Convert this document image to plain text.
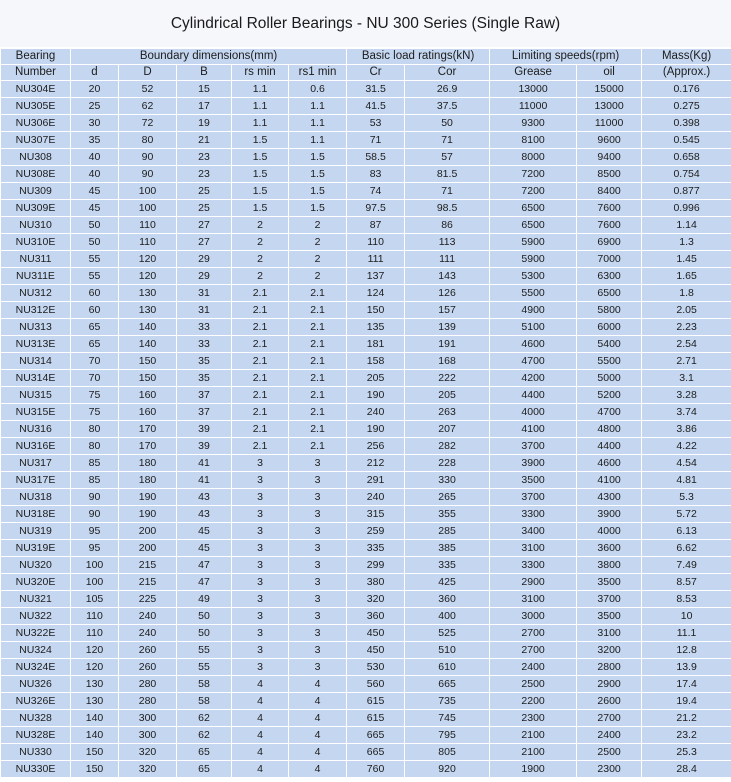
Cylindrical Roller Bearings - NU 300 Series (Single Raw)
Bearing	Boundary dimensions(mm)					Basic load ratings(kN)		Limiting speeds(rpm)		Mass(Kg)
Number	d	D	B	rs min	rs1 min	Cr	Cor	Grease	oil	(Approx.)
NU304E	20	52	15	1.1	0.6	31.5	26.9	13000	15000	0.176
NU305E	25	62	17	1.1	1.1	41.5	37.5	11000	13000	0.275
NU306E	30	72	19	1.1	1.1	53	50	9300	11000	0.398
NU307E	35	80	21	1.5	1.1	71	71	8100	9600	0.545
NU308	40	90	23	1.5	1.5	58.5	57	8000	9400	0.658
NU308E	40	90	23	1.5	1.5	83	81.5	7200	8500	0.754
NU309	45	100	25	1.5	1.5	74	71	7200	8400	0.877
NU309E	45	100	25	1.5	1.5	97.5	98.5	6500	7600	0.996
NU310	50	110	27	2	2	87	86	6500	7600	1.14
NU310E	50	110	27	2	2	110	113	5900	6900	1.3
NU311	55	120	29	2	2	111	111	5900	7000	1.45
NU311E	55	120	29	2	2	137	143	5300	6300	1.65
NU312	60	130	31	2.1	2.1	124	126	5500	6500	1.8
NU312E	60	130	31	2.1	2.1	150	157	4900	5800	2.05
NU313	65	140	33	2.1	2.1	135	139	5100	6000	2.23
NU313E	65	140	33	2.1	2.1	181	191	4600	5400	2.54
NU314	70	150	35	2.1	2.1	158	168	4700	5500	2.71
NU314E	70	150	35	2.1	2.1	205	222	4200	5000	3.1
NU315	75	160	37	2.1	2.1	190	205	4400	5200	3.28
NU315E	75	160	37	2.1	2.1	240	263	4000	4700	3.74
NU316	80	170	39	2.1	2.1	190	207	4100	4800	3.86
NU316E	80	170	39	2.1	2.1	256	282	3700	4400	4.22
NU317	85	180	41	3	3	212	228	3900	4600	4.54
NU317E	85	180	41	3	3	291	330	3500	4100	4.81
NU318	90	190	43	3	3	240	265	3700	4300	5.3
NU318E	90	190	43	3	3	315	355	3300	3900	5.72
NU319	95	200	45	3	3	259	285	3400	4000	6.13
NU319E	95	200	45	3	3	335	385	3100	3600	6.62
NU320	100	215	47	3	3	299	335	3300	3800	7.49
NU320E	100	215	47	3	3	380	425	2900	3500	8.57
NU321	105	225	49	3	3	320	360	3100	3700	8.53
NU322	110	240	50	3	3	360	400	3000	3500	10
NU322E	110	240	50	3	3	450	525	2700	3100	11.1
NU324	120	260	55	3	3	450	510	2700	3200	12.8
NU324E	120	260	55	3	3	530	610	2400	2800	13.9
NU326	130	280	58	4	4	560	665	2500	2900	17.4
NU326E	130	280	58	4	4	615	735	2200	2600	19.4
NU328	140	300	62	4	4	615	745	2300	2700	21.2
NU328E	140	300	62	4	4	665	795	2100	2400	23.2
NU330	150	320	65	4	4	665	805	2100	2500	25.3
NU330E	150	320	65	4	4	760	920	1900	2300	28.4
